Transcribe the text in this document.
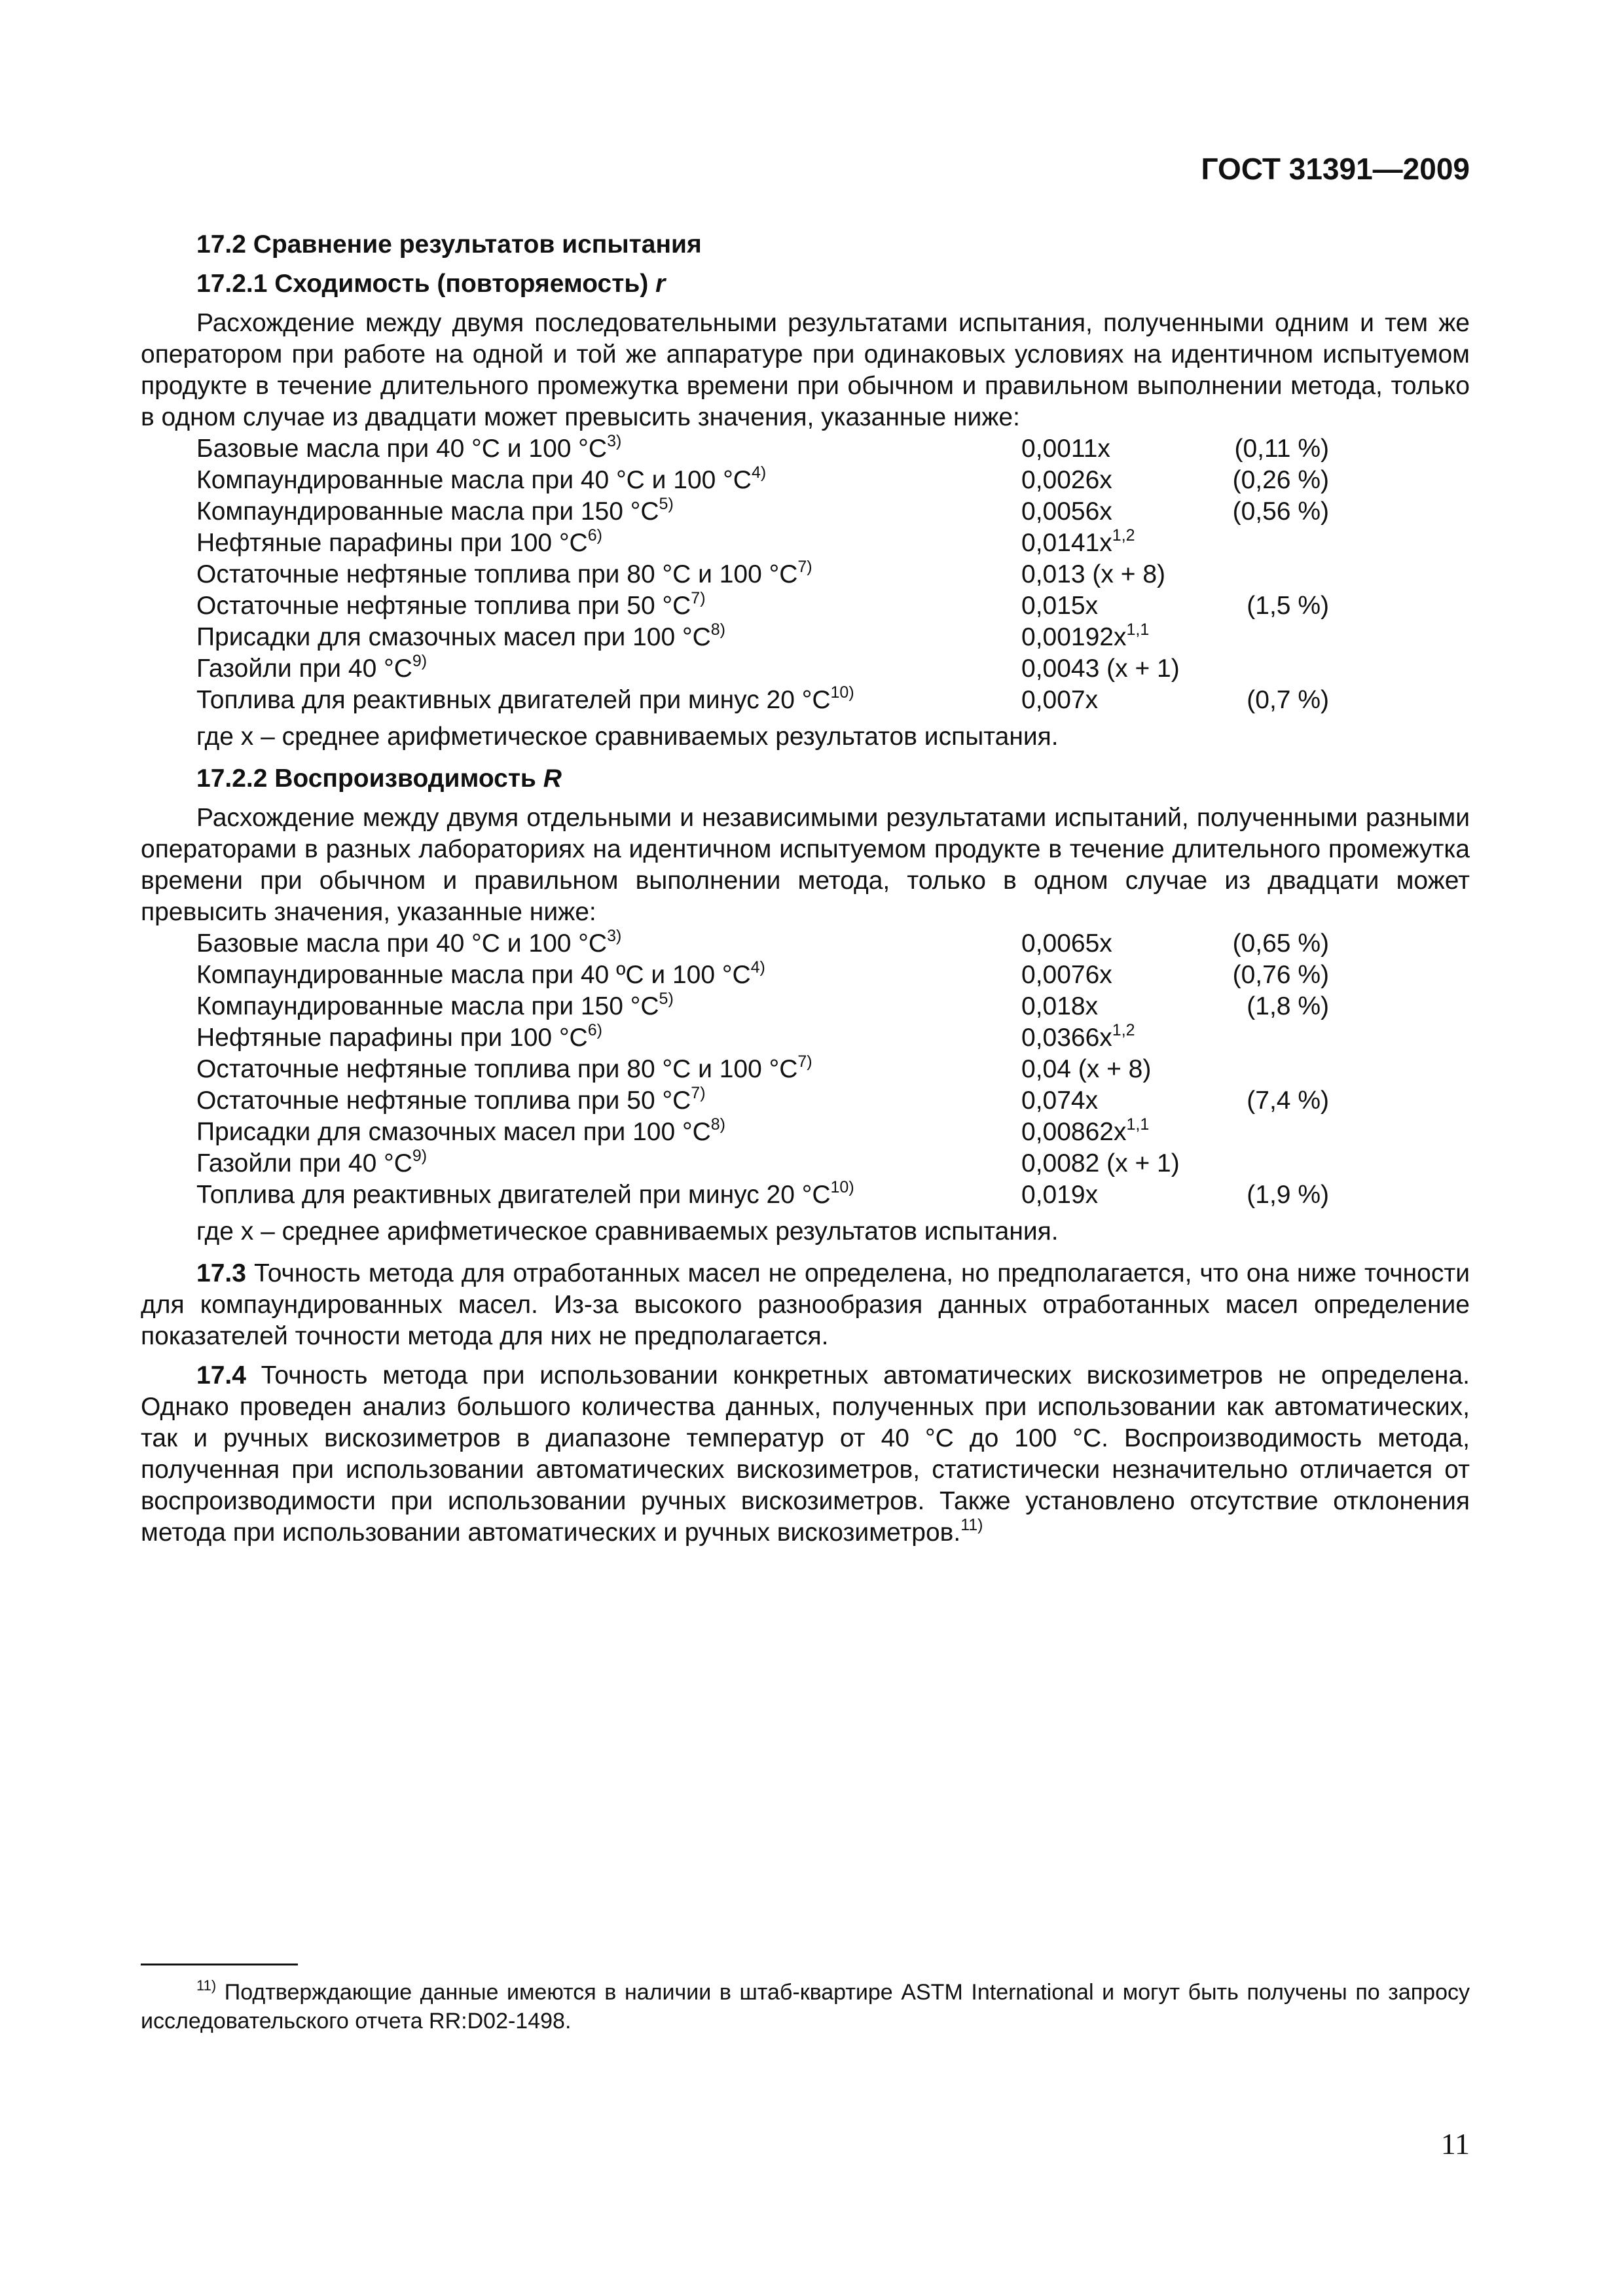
ГОСТ 31391—2009
17.2 Сравнение результатов испытания
17.2.1 Сходимость (повторяемость) r

Расхождение между двумя последовательными результатами испытания, полученными одним и тем же оператором при работе на одной и той же аппаратуре при одинаковых условиях на идентичном испытуемом продукте в течение длительного промежутка времени при обычном и правильном выполнении метода, только в одном случае из двадцати может превысить значения, указанные ниже:

Базовые масла при 40 °С и 100 $^\circ С^{3)}$	0,0011x	(0,11 %)
Компаундированные масла при 40 °С и 100 $^\circ С^{4)}$	0,0026x	(0,26 %)
Компаундированные масла при 150 $^\circ С^{5)}$	0,0056x	(0,56 %)
Нефтяные парафины при 100 $^\circ С^{6)}$	$0,0141x^{1,2}$
Остаточные нефтяные топлива при 80 °С и 100 $^\circ С^{7)}$	0,013 (x + 8)
Остаточные нефтяные топлива при 50 $^\circ С^{7)}$	0,015x	(1,5 %)
Присадки для смазочных масел при 100 $^\circ С^{8)}$	$0,00192x^{1,1}$
Газойли при 40 $^\circ С^{9)}$	0,0043 (x + 1)
Топлива для реактивных двигателей при минус 20 $^\circ С^{10)}$	0,007x	(0,7 %)

где x – среднее арифметическое сравниваемых результатов испытания.

17.2.2 Воспроизводимость R

Расхождение между двумя отдельными и независимыми результатами испытаний, полученными разными операторами в разных лабораториях на идентичном испытуемом продукте в течение длительного промежутка времени при обычном и правильном выполнении метода, только в одном случае из двадцати может превысить значения, указанные ниже:

Базовые масла при 40 °С и 100 $^\circ С^{3)}$	0,0065x	(0,65 %)
Компаундированные масла при 40 ºС и 100 $^\circ С^{4)}$	0,0076x	(0,76 %)
Компаундированные масла при 150 $^\circ С^{5)}$	0,018x	(1,8 %)
Нефтяные парафины при 100 $^\circ С^{6)}$	$0,0366x^{1,2}$
Остаточные нефтяные топлива при 80 °С и 100 $^\circ С^{7)}$	0,04 (x + 8)
Остаточные нефтяные топлива при 50 $^\circ С^{7)}$	0,074x	(7,4 %)
Присадки для смазочных масел при 100 $^\circ С^{8)}$	$0,00862x^{1,1}$
Газойли при 40 $^\circ С^{9)}$	0,0082 (x + 1)
Топлива для реактивных двигателей при минус 20 $^\circ С^{10)}$	0,019x	(1,9 %)

где x – среднее арифметическое сравниваемых результатов испытания.

17.3 Точность метода для отработанных масел не определена, но предполагается, что она ниже точности для компаундированных масел. Из-за высокого разнообразия данных отработанных масел определение показателей точности метода для них не предполагается.

17.4 Точность метода при использовании конкретных автоматических вискозиметров не определена. Однако проведен анализ большого количества данных, полученных при использовании как автоматических, так и ручных вискозиметров в диапазоне температур от 40 °С до 100 °С. Воспроизводимость метода, полученная при использовании автоматических вискозиметров, статистически незначительно отличается от воспроизводимости при использовании ручных вискозиметров. Также установлено отсутствие отклонения метода при использовании автоматических и ручных вискозиметров.$^{11)}$

$^{11)}$ Подтверждающие данные имеются в наличии в штаб-квартире ASTM International и могут быть получены по запросу исследовательского отчета RR:D02-1498.
11
